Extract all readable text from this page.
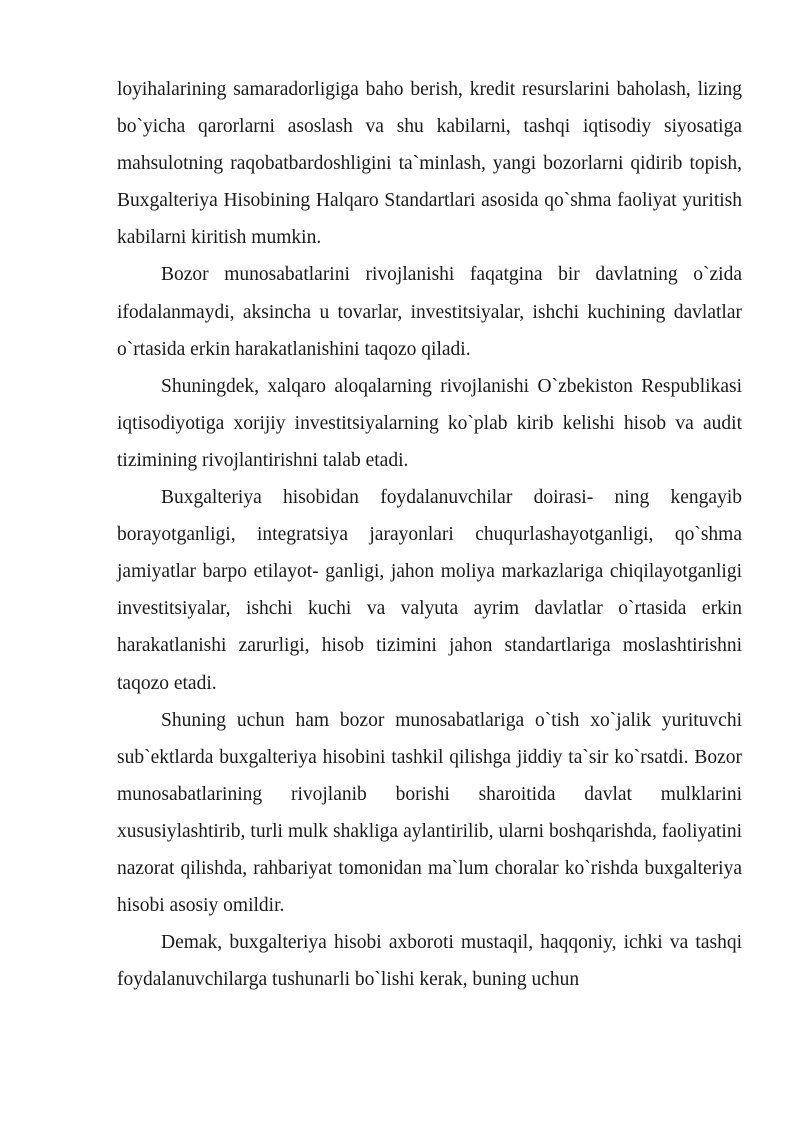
loyihalarining samaradorligiga baho berish, kredit resurslarini baholash, lizing bo`yicha qarorlarni asoslash va shu kabilarni, tashqi iqtisodiy siyosatiga mahsulotning raqobatbardoshligini ta`minlash, yangi bozorlarni qidirib topish, Buxgalteriya Hisobining Halqaro Standartlari asosida qo`shma faoliyat yuritish kabilarni kiritish mumkin.

Bozor munosabatlarini rivojlanishi faqatgina bir davlatning o`zida ifodalanmaydi, aksincha u tovarlar, investitsiyalar, ishchi kuchining davlatlar o`rtasida erkin harakatlanishini taqozo qiladi.

Shuningdek, xalqaro aloqalarning rivojlanishi O`zbekiston Respublikasi iqtisodiyotiga xorijiy investitsiyalarning ko`plab kirib kelishi hisob va audit tizimining rivojlantirishni talab etadi.

Buxgalteriya hisobidan foydalanuvchilar doirasi- ning kengayib borayotganligi, integratsiya jarayonlari chuqurlashayotganligi, qo`shma jamiyatlar barpo etilayot- ganligi, jahon moliya markazlariga chiqilayotganligi investitsiyalar, ishchi kuchi va valyuta ayrim davlatlar o`rtasida erkin harakatlanishi zarurligi, hisob tizimini jahon standartlariga moslashtirishni taqozo etadi.

Shuning uchun ham bozor munosabatlariga o`tish xo`jalik yurituvchi sub`ektlarda buxgalteriya hisobini tashkil qilishga jiddiy ta`sir ko`rsatdi. Bozor munosabatlarining rivojlanib borishi sharoitida davlat mulklarini xususiylashtirib, turli mulk shakliga aylantirilib, ularni boshqarishda, faoliyatini nazorat qilishda, rahbariyat tomonidan ma`lum choralar ko`rishda buxgalteriya hisobi asosiy omildir.

Demak, buxgalteriya hisobi axboroti mustaqil, haqqoniy, ichki va tashqi foydalanuvchilarga tushunarli bo`lishi kerak, buning uchun
